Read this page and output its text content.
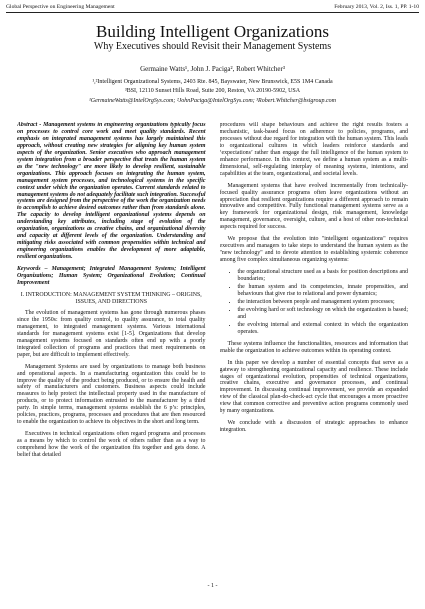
Global Perspective on Engineering Management	February 2013, Vol. 2, Iss. 1, PP. 1-10
Building Intelligent Organizations
Why Executives should Revisit their Management Systems
Germaine Watts¹, John J. Paciga², Robert Whitcher³
¹,²Intelligent Organizational Systems, 2403 Rte. 845, Bayswater, New Brunswick, E5S 1M4 Canada
³BSI, 12110 Sunset Hills Road, Suite 200, Reston, VA 20190-5902, USA
¹GermaineWatts@IntelOrgSys.com; ²JohnPaciga@IntelOrgSys.com; ³Robert.Whitcher@bsigroup.com

Abstract - Management systems in engineering organizations typically focus on processes to control core work and meet quality standards. Recent emphasis on integrated management systems has largely maintained this approach, without creating new strategies for aligning key human system aspects of the organization. Senior executives who approach management system integration from a broader perspective that treats the human system as the "new technology" are more likely to develop resilient, sustainable organizations. This approach focuses on integrating the human system, management system processes, and technological systems in the specific context under which the organization operates. Current standards related to management systems do not adequately facilitate such integration. Successful systems are designed from the perspective of the work the organization needs to accomplish to achieve desired outcomes rather than from standards alone. The capacity to develop intelligent organizational systems depends on understanding key attributes, including stage of evolution of the organization, organizations as creative chains, and organizational diversity and capacity at different levels of the organization. Understanding and mitigating risks associated with common propensities within technical and engineering organizations enables the development of more adaptable, resilient organizations.

Keywords – Management; Integrated Management Systems; Intelligent Organizations; Human System; Organizational Evolution; Continual Improvement

I. INTRODUCTION: MANAGEMENT SYSTEM THINKING – ORIGINS, ISSUES, AND DIRECTIONS

The evolution of management systems has gone through numerous phases since the 1950s: from quality control, to quality assurance, to total quality management, to integrated management systems. Various international standards for management systems exist [1-5]. Organizations that develop management systems focused on standards often end up with a poorly integrated collection of programs and practices that meet requirements on paper, but are difficult to implement effectively.

Management Systems are used by organizations to manage both business and operational aspects. In a manufacturing organization this could be to improve the quality of the product being produced, or to ensure the health and safety of manufacturers and customers. Business aspects could include measures to help protect the intellectual property used in the manufacture of products, or to protect information entrusted to the manufacturer by a third party. In simple terms, management systems establish the 6 p’s: principles, policies, practices, programs, processes and procedures that are then resourced to enable the organization to achieve its objectives in the short and long term.

Executives in technical organizations often regard programs and processes as a means by which to control the work of others rather than as a way to comprehend how the work of the organization fits together and gets done. A belief that detailed

procedures will shape behaviours and achieve the right results fosters a mechanistic, task-based focus on adherence to policies, programs, and processes without due regard for integration with the human system. This leads to organizational cultures in which leaders reinforce standards and ‘expectations’ rather than engage the full intelligence of the human system to enhance performance. In this context, we define a human system as a multi-dimensional, self-regulating interplay of meaning systems, intentions, and capabilities at the team, organizational, and societal levels.

Management systems that have evolved incrementally from technically-focused quality assurance programs often leave organizations without an appreciation that resilient organizations require a different approach to remain innovative and competitive. Fully functional management systems serve as a key framework for organizational design, risk management, knowledge management, governance, oversight, culture, and a host of other non-technical aspects required for success.

We propose that the evolution into "intelligent organizations" requires executives and managers to take steps to understand the human system as the "new technology" and to devote attention to establishing systemic coherence among five complex simultaneous organizing systems:

• the organizational structure used as a basis for position descriptions and boundaries;
• the human system and its competencies, innate propensities, and behaviours that give rise to relational and power dynamics;
• the interaction between people and management system processes;
• the evolving hard or soft technology on which the organization is based; and
• the evolving internal and external context in which the organization operates.

These systems influence the functionalities, resources and information that enable the organization to achieve outcomes within its operating context.

In this paper we develop a number of essential concepts that serve as a gateway to strengthening organizational capacity and resilience. These include stages of organizational evolution, propensities of technical organizations, creative chains, executive and governance processes, and continual improvement. In discussing continual improvement, we provide an expanded view of the classical plan-do-check-act cycle that encourages a more proactive view that common corrective and preventive action programs commonly used by many organizations.

We conclude with a discussion of strategic approaches to enhance integration.

- 1 -
